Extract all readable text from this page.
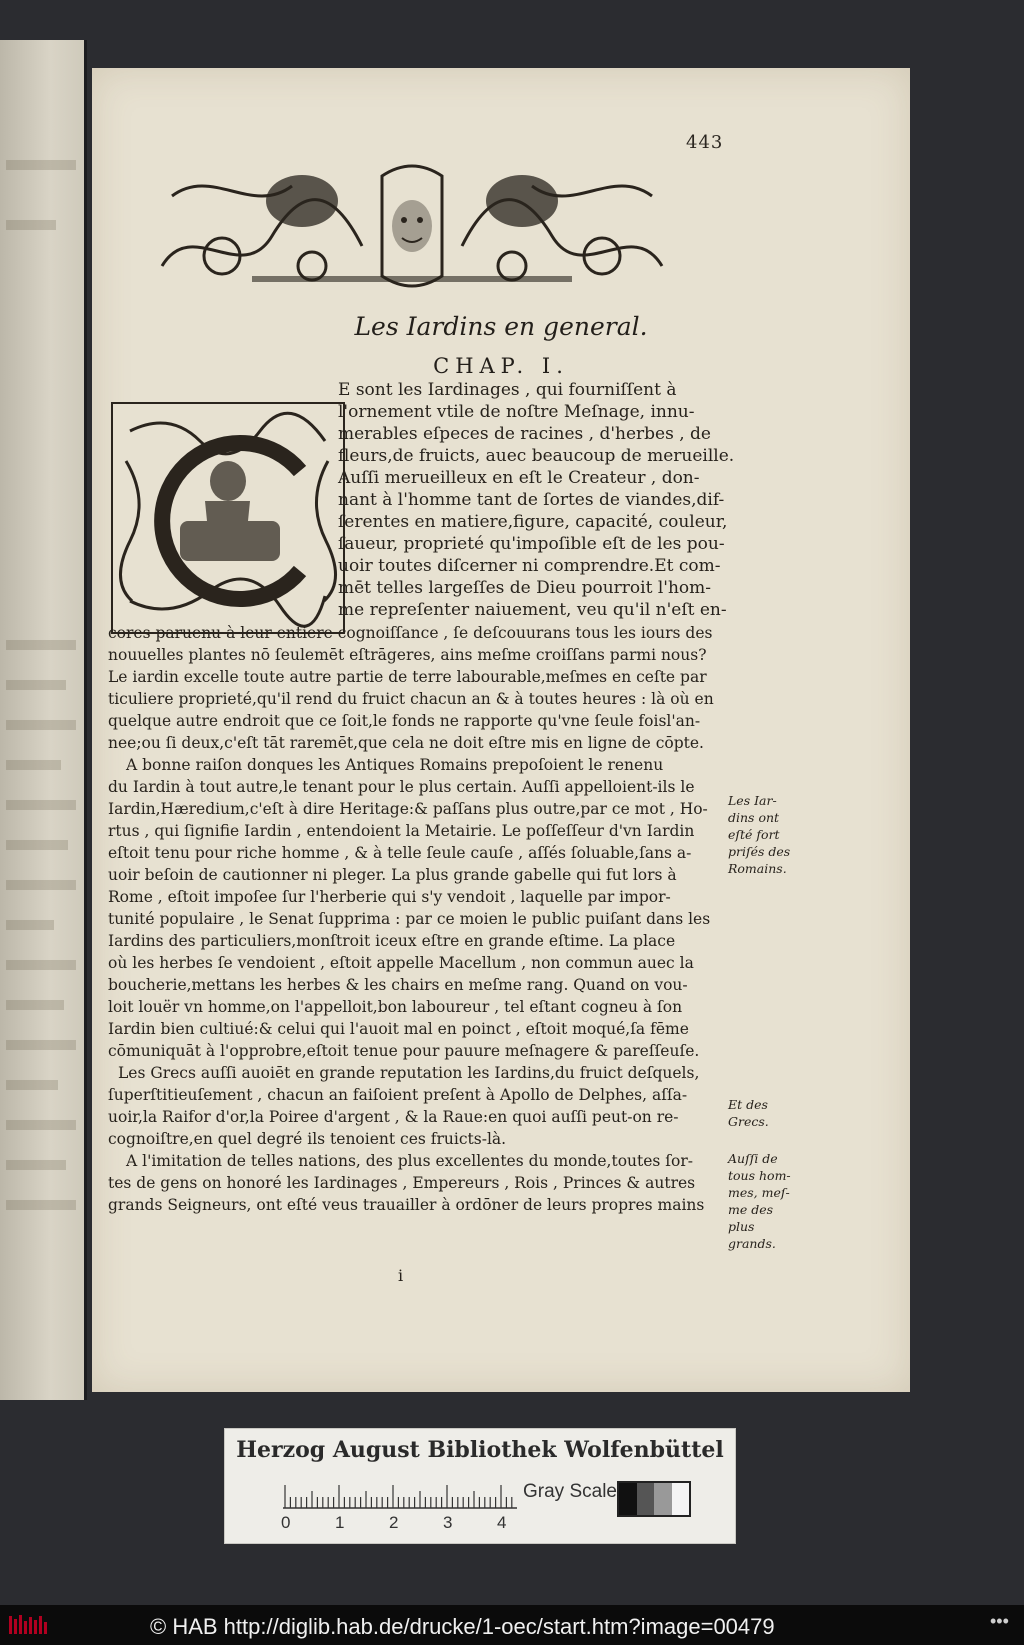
443
Les Iardins en general.
CHAP. I.
E sont les Iardinages , qui fourniſſent à
l'ornement vtile de noſtre Meſnage, innu-
merables eſpeces de racines , d'herbes , de
fleurs,de fruicts, auec beaucoup de merueille.
Auſſi merueilleux en eſt le Createur , don-
nant à l'homme tant de ſortes de viandes,dif-
ſerentes en matiere,figure, capacité, couleur,
ſaueur, proprieté qu'impoſible eſt de les pou-
uoir toutes diſcerner ni comprendre.Et com-
mēt telles largeſſes de Dieu pourroit l'hom-
me repreſenter naiuement, veu qu'il n'eſt en-
cores paruenu à leur entiere cognoiſſance , ſe deſcouurans tous les iours des
nouuelles plantes nō ſeulemēt eſtrāgeres, ains meſme croiſſans parmi nous?
Le iardin excelle toute autre partie de terre labourable,meſmes en ceſte par
ticuliere proprieté,qu'il rend du fruict chacun an & à toutes heures : là où en
quelque autre endroit que ce ſoit,le fonds ne rapporte qu'vne ſeule foisl'an-
nee;ou ſi deux,c'eſt tāt raremēt,que cela ne doit eſtre mis en ligne de cōpte.
A bonne raiſon donques les Antiques Romains prepoſoient le renenu
du Iardin à tout autre,le tenant pour le plus certain. Auſſi appelloient-ils le
Iardin,Hæredium,c'eſt à dire Heritage:& paſſans plus outre,par ce mot , Ho-
rtus , qui ſignifie Iardin , entendoient la Metairie. Le poſſeſſeur d'vn Iardin
eſtoit tenu pour riche homme , & à telle ſeule cauſe , aſſés ſoluable,ſans a-
uoir beſoin de cautionner ni pleger. La plus grande gabelle qui fut lors à
Rome , eſtoit impoſee ſur l'herberie qui s'y vendoit , laquelle par impor-
tunité populaire , le Senat ſupprima : par ce moien le public puiſant dans les
Iardins des particuliers,monſtroit iceux eſtre en grande eſtime. La place
où les herbes ſe vendoient , eſtoit appelle Macellum , non commun auec la
boucherie,mettans les herbes & les chairs en meſme rang. Quand on vou-
loit louër vn homme,on l'appelloit,bon laboureur , tel eſtant cogneu à ſon
Iardin bien cultiué:& celui qui l'auoit mal en poinct , eſtoit moqué,ſa fēme
cōmuniquāt à l'opprobre,eſtoit tenue pour pauure meſnagere & pareſſeuſe.
Les Grecs auſſi auoiēt en grande reputation les Iardins,du fruict deſquels,
ſuperſtitieuſement , chacun an faiſoient preſent à Apollo de Delphes, aſſa-
uoir,la Raifor d'or,la Poiree d'argent , & la Raue:en quoi auſſi peut-on re-
cognoiſtre,en quel degré ils tenoient ces fruicts-là.
A l'imitation de telles nations, des plus excellentes du monde,toutes ſor-
tes de gens on honoré les Iardinages , Empereurs , Rois , Princes & autres
grands Seigneurs, ont eſté veus trauailler à ordōner de leurs propres mains
Les Iar-
dins ont
eſté fort
priſés des
Romains.
Et des
Grecs.
Auſſi de
tous hom-
mes, meſ-
me des
plus
grands.
i
Herzog August Bibliothek Wolfenbüttel
0	1	2	3	4
Gray Scale
© HAB http://diglib.hab.de/drucke/1-oec/start.htm?image=00479	•••
